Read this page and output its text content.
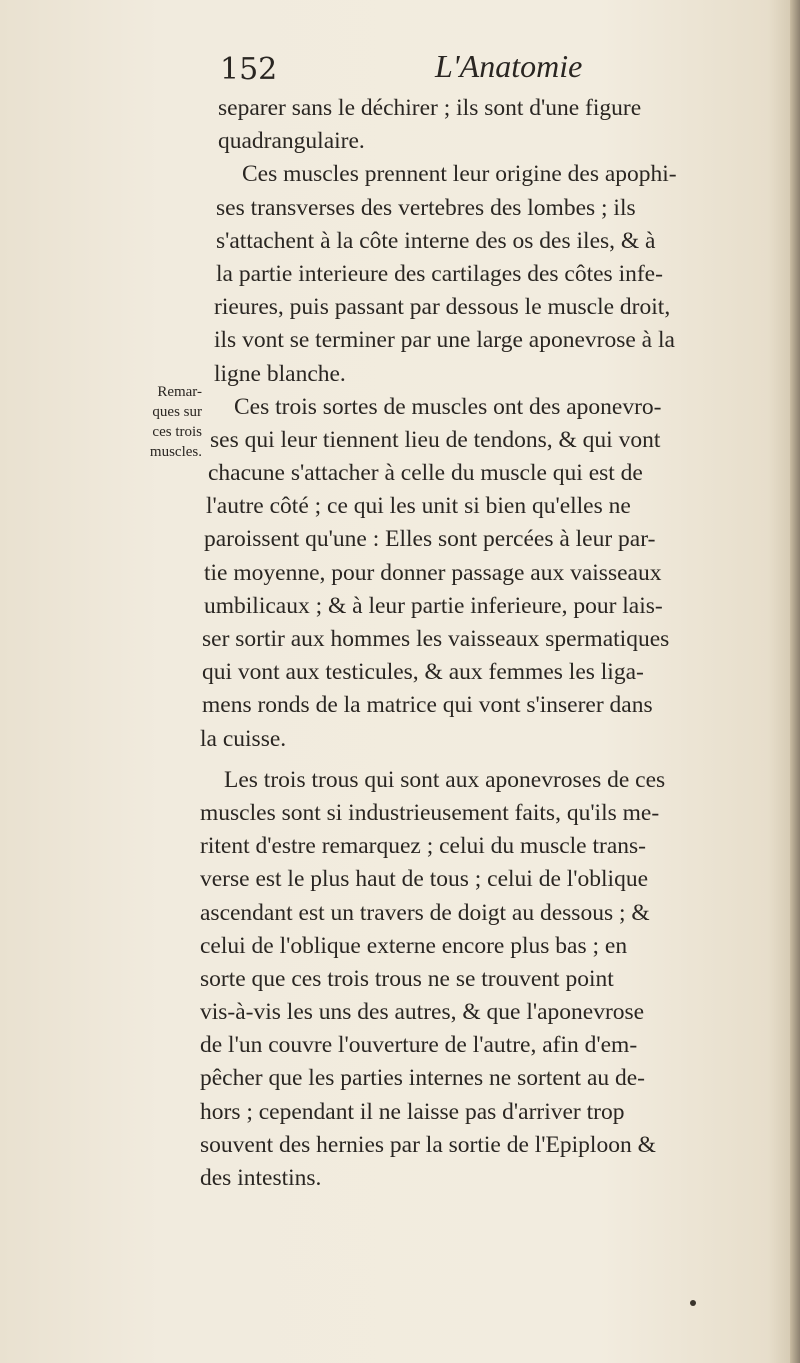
152	L'Anatomie
Remar-
ques sur
ces trois
muscles.
separer sans le déchirer ; ils sont d'une figure
quadrangulaire.
Ces muscles prennent leur origine des apophi-
ses transverses des vertebres des lombes ; ils
s'attachent à la côte interne des os des iles, & à
la partie interieure des cartilages des côtes infe-
rieures, puis passant par dessous le muscle droit,
ils vont se terminer par une large aponevrose à la
ligne blanche.
Ces trois sortes de muscles ont des aponevro-
ses qui leur tiennent lieu de tendons, & qui vont
chacune s'attacher à celle du muscle qui est de
l'autre côté ; ce qui les unit si bien qu'elles ne
paroissent qu'une : Elles sont percées à leur par-
tie moyenne, pour donner passage aux vaisseaux
umbilicaux ; & à leur partie inferieure, pour lais-
ser sortir aux hommes les vaisseaux spermatiques
qui vont aux testicules, & aux femmes les liga-
mens ronds de la matrice qui vont s'inserer dans
la cuisse.
Les trois trous qui sont aux aponevroses de ces
muscles sont si industrieusement faits, qu'ils me-
ritent d'estre remarquez ; celui du muscle trans-
verse est le plus haut de tous ; celui de l'oblique
ascendant est un travers de doigt au dessous ; &
celui de l'oblique externe encore plus bas ; en
sorte que ces trois trous ne se trouvent point
vis-à-vis les uns des autres, & que l'aponevrose
de l'un couvre l'ouverture de l'autre, afin d'em-
pêcher que les parties internes ne sortent au de-
hors ; cependant il ne laisse pas d'arriver trop
souvent des hernies par la sortie de l'Epiploon &
des intestins.
